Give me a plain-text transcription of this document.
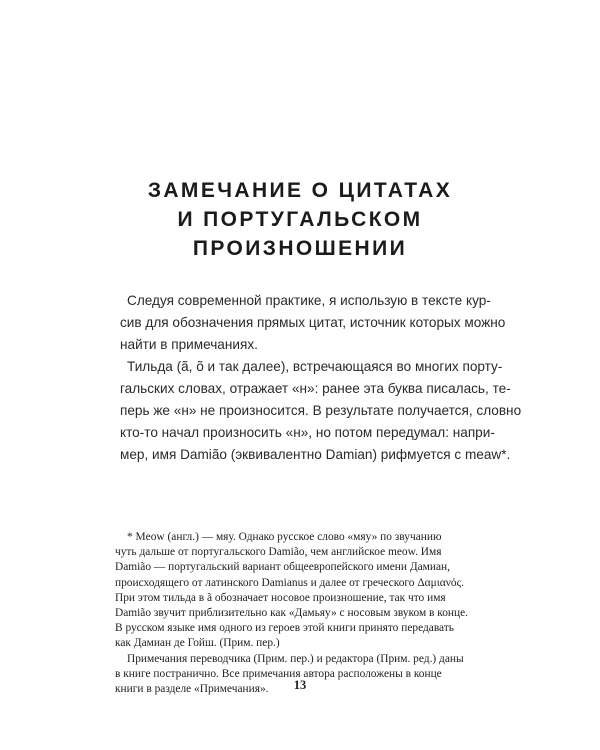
ЗАМЕЧАНИЕ О ЦИТАТАХ
И ПОРТУГАЛЬСКОМ
ПРОИЗНОШЕНИИ
Следуя современной практике, я использую в тексте кур-
сив для обозначения прямых цитат, источник которых можно
найти в примечаниях.
Тильда (ã, õ и так далее), встречающаяся во многих порту-
гальских словах, отражает «н»: ранее эта буква писалась, те-
перь же «н» не произносится. В результате получается, словно
кто-то начал произносить «н», но потом передумал: напри-
мер, имя Damião (эквивалентно Damian) рифмуется с meaw*.
* Meow (англ.) — мяу. Однако русское слово «мяу» по звучанию
чуть дальше от португальского Damião, чем английское meow. Имя
Damião — португальский вариант общеевропейского имени Дамиан,
происходящего от латинского Damianus и далее от греческого Δαμιανός.
При этом тильда в ã обозначает носовое произношение, так что имя
Damião звучит приблизительно как «Дамьяу» с носовым звуком в конце.
В русском языке имя одного из героев этой книги принято передавать
как Дамиан де Гойш. (Прим. пер.)
Примечания переводчика (Прим. пер.) и редактора (Прим. ред.) даны
в книге постранично. Все примечания автора расположены в конце
книги в разделе «Примечания».	13
